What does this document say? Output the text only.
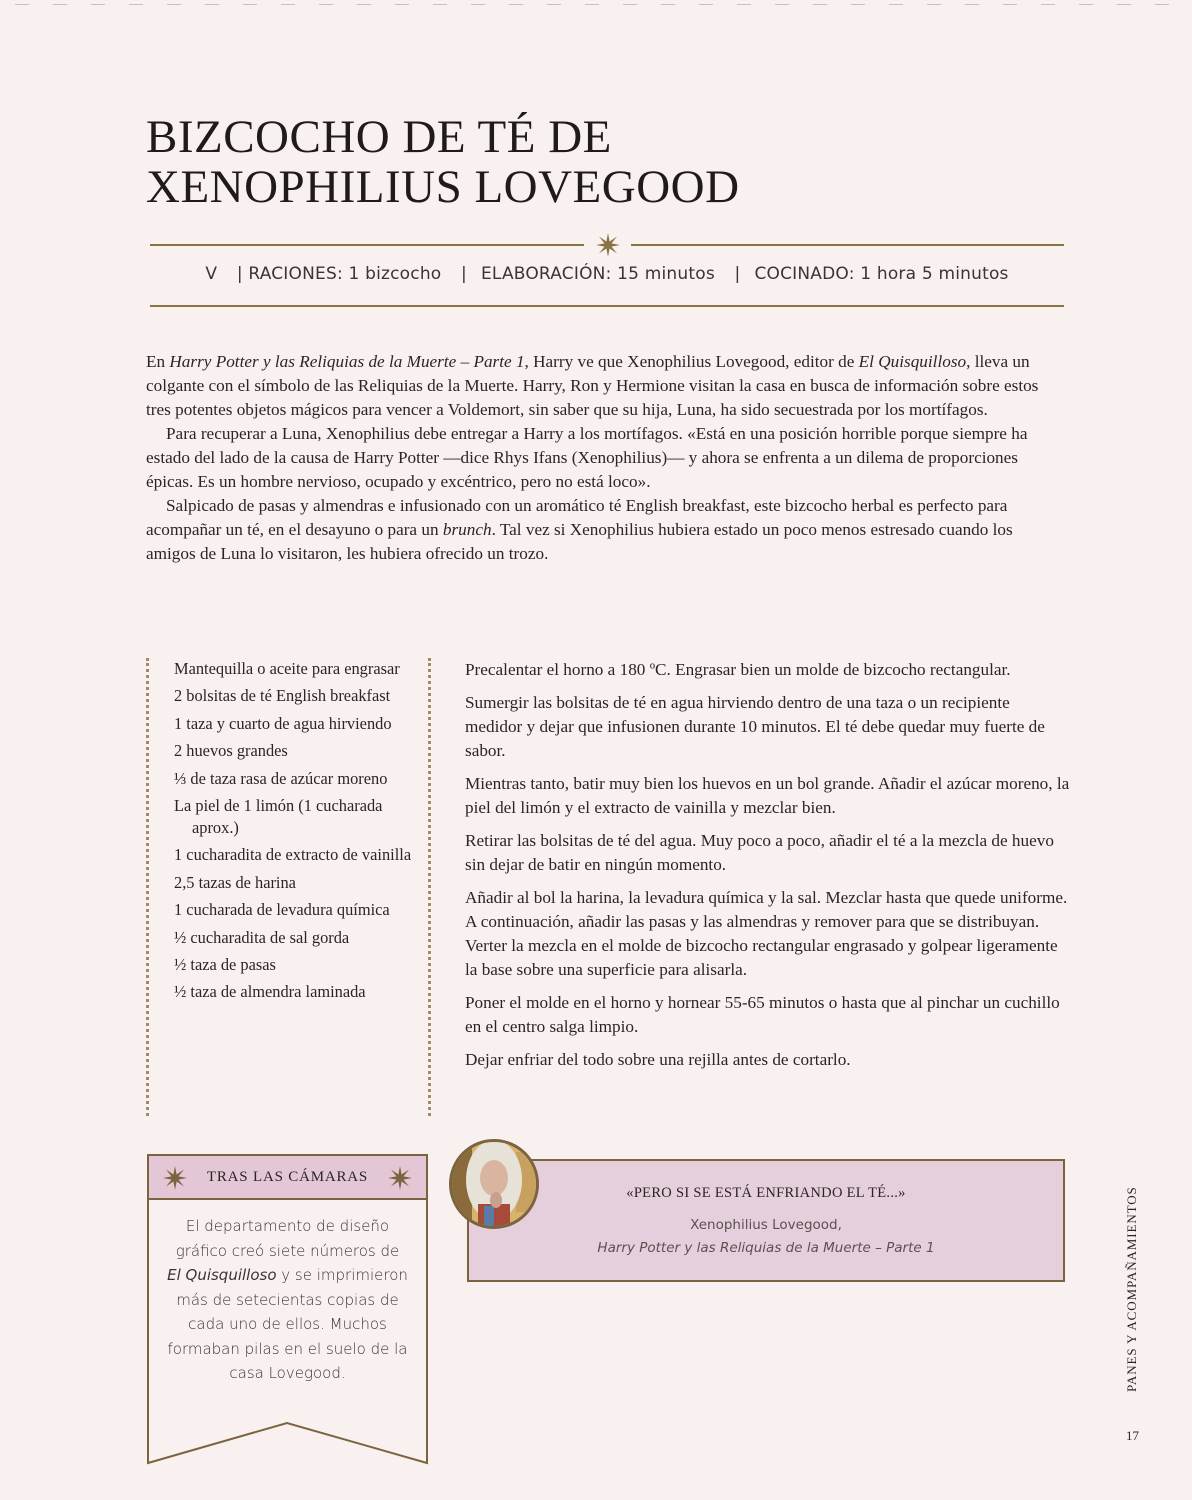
BIZCOCHO DE TÉ DE
XENOPHILIUS LOVEGOOD
V | RACIONES: 1 bizcocho | ELABORACIÓN: 15 minutos | COCINADO: 1 hora 5 minutos

En Harry Potter y las Reliquias de la Muerte – Parte 1, Harry ve que Xenophilius Lovegood, editor de El Quisquilloso, lleva un colgante con el símbolo de las Reliquias de la Muerte. Harry, Ron y Hermione visitan la casa en busca de información sobre estos tres potentes objetos mágicos para vencer a Voldemort, sin saber que su hija, Luna, ha sido secuestrada por los mortífagos.

Para recuperar a Luna, Xenophilius debe entregar a Harry a los mortífagos. «Está en una posición horrible porque siempre ha estado del lado de la causa de Harry Potter —dice Rhys Ifans (Xenophilius)— y ahora se enfrenta a un dilema de proporciones épicas. Es un hombre nervioso, ocupado y excéntrico, pero no está loco».

Salpicado de pasas y almendras e infusionado con un aromático té English breakfast, este bizcocho herbal es perfecto para acompañar un té, en el desayuno o para un brunch. Tal vez si Xenophilius hubiera estado un poco menos estresado cuando los amigos de Luna lo visitaron, les hubiera ofrecido un trozo.

Mantequilla o aceite para engrasar
2 bolsitas de té English breakfast
1 taza y cuarto de agua hirviendo
2 huevos grandes
⅓ de taza rasa de azúcar moreno
La piel de 1 limón (1 cucharada aprox.)
1 cucharadita de extracto de vainilla
2,5 tazas de harina
1 cucharada de levadura química
½ cucharadita de sal gorda
½ taza de pasas
½ taza de almendra laminada

Precalentar el horno a 180 ºC. Engrasar bien un molde de bizcocho rectangular.

Sumergir las bolsitas de té en agua hirviendo dentro de una taza o un recipiente medidor y dejar que infusionen durante 10 minutos. El té debe quedar muy fuerte de sabor.

Mientras tanto, batir muy bien los huevos en un bol grande. Añadir el azúcar moreno, la piel del limón y el extracto de vainilla y mezclar bien.

Retirar las bolsitas de té del agua. Muy poco a poco, añadir el té a la mezcla de huevo sin dejar de batir en ningún momento.

Añadir al bol la harina, la levadura química y la sal. Mezclar hasta que quede uniforme. A continuación, añadir las pasas y las almendras y remover para que se distribuyan. Verter la mezcla en el molde de bizcocho rectangular engrasado y golpear ligeramente la base sobre una superficie para alisarla.

Poner el molde en el horno y hornear 55-65 minutos o hasta que al pinchar un cuchillo en el centro salga limpio.

Dejar enfriar del todo sobre una rejilla antes de cortarlo.

TRAS LAS CÁMARAS
El departamento de diseño gráfico creó siete números de El Quisquilloso y se imprimieron más de setecientas copias de cada uno de ellos. Muchos formaban pilas en el suelo de la casa Lovegood.
«PERO SI SE ESTÁ ENFRIANDO EL TÉ...»
Xenophilius Lovegood,
Harry Potter y las Reliquias de la Muerte – Parte 1	PANES Y ACOMPAÑAMIENTOS
17
